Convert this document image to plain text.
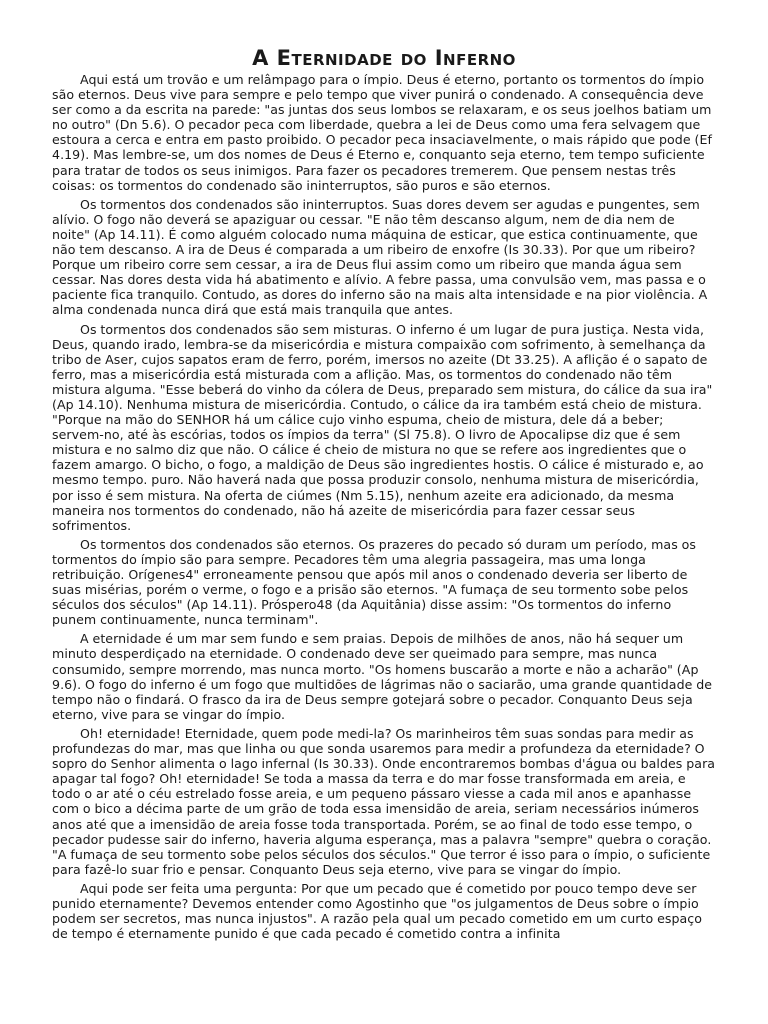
A Eternidade do Inferno

Aqui está um trovão e um relâmpago para o ímpio. Deus é eterno, portanto os tormentos do ímpio são eternos. Deus vive para sempre e pelo tempo que viver punirá o condenado. A consequência deve ser como a da escrita na parede: "as juntas dos seus lombos se relaxaram, e os seus joelhos batiam um no outro" (Dn 5.6). O pecador peca com liberdade, quebra a lei de Deus como uma fera selvagem que estoura a cerca e entra em pasto proibido. O pecador peca insaciavelmente, o mais rápido que pode (Ef 4.19). Mas lembre-se, um dos nomes de Deus é Eterno e, conquanto seja eterno, tem tempo suficiente para tratar de todos os seus inimigos. Para fazer os pecadores tremerem. Que pensem nestas três coisas: os tormentos do condenado são ininterruptos, são puros e são eternos.

Os tormentos dos condenados são ininterruptos. Suas dores devem ser agudas e pungentes, sem alívio. O fogo não deverá se apaziguar ou cessar. "E não têm descanso algum, nem de dia nem de noite" (Ap 14.11). É como alguém colocado numa máquina de esticar, que estica continuamente, que não tem descanso. A ira de Deus é comparada a um ribeiro de enxofre (Is 30.33). Por que um ribeiro? Porque um ribeiro corre sem cessar, a ira de Deus flui assim como um ribeiro que manda água sem cessar. Nas dores desta vida há abatimento e alívio. A febre passa, uma convulsão vem, mas passa e o paciente fica tranquilo. Contudo, as dores do inferno são na mais alta intensidade e na pior violência. A alma condenada nunca dirá que está mais tranquila que antes.

Os tormentos dos condenados são sem misturas. O inferno é um lugar de pura justiça. Nesta vida, Deus, quando irado, lembra-se da misericórdia e mistura compaixão com sofrimento, à semelhança da tribo de Aser, cujos sapatos eram de ferro, porém, imersos no azeite (Dt 33.25). A aflição é o sapato de ferro, mas a misericórdia está misturada com a aflição. Mas, os tormentos do condenado não têm mistura alguma. "Esse beberá do vinho da cólera de Deus, preparado sem mistura, do cálice da sua ira" (Ap 14.10). Nenhuma mistura de misericórdia. Contudo, o cálice da ira também está cheio de mistura. "Porque na mão do SENHOR há um cálice cujo vinho espuma, cheio de mistura, dele dá a beber; servem-no, até às escórias, todos os ímpios da terra" (Sl 75.8). O livro de Apocalipse diz que é sem mistura e no salmo diz que não. O cálice é cheio de mistura no que se refere aos ingredientes que o fazem amargo. O bicho, o fogo, a maldição de Deus são ingredientes hostis. O cálice é misturado e, ao mesmo tempo. puro. Não haverá nada que possa produzir consolo, nenhuma mistura de misericórdia, por isso é sem mistura. Na oferta de ciúmes (Nm 5.15), nenhum azeite era adicionado, da mesma maneira nos tormentos do condenado, não há azeite de misericórdia para fazer cessar seus sofrimentos.

Os tormentos dos condenados são eternos. Os prazeres do pecado só duram um período, mas os tormentos do ímpio são para sempre. Pecadores têm uma alegria passageira, mas uma longa retribuição. Orígenes4" erroneamente pensou que após mil anos o condenado deveria ser liberto de suas misérias, porém o verme, o fogo e a prisão são eternos. "A fumaça de seu tormento sobe pelos séculos dos séculos" (Ap 14.11). Próspero48 (da Aquitânia) disse assim: "Os tormentos do inferno punem continuamente, nunca terminam".

A eternidade é um mar sem fundo e sem praias. Depois de milhões de anos, não há sequer um minuto desperdiçado na eternidade. O condenado deve ser queimado para sempre, mas nunca consumido, sempre morrendo, mas nunca morto. "Os homens buscarão a morte e não a acharão" (Ap 9.6). O fogo do inferno é um fogo que multidões de lágrimas não o saciarão, uma grande quantidade de tempo não o findará. O frasco da ira de Deus sempre gotejará sobre o pecador. Conquanto Deus seja eterno, vive para se vingar do ímpio.

Oh! eternidade! Eternidade, quem pode medi-la? Os marinheiros têm suas sondas para medir as profundezas do mar, mas que linha ou que sonda usaremos para medir a profundeza da eternidade? O sopro do Senhor alimenta o lago infernal (Is 30.33). Onde encontraremos bombas d'água ou baldes para apagar tal fogo? Oh! eternidade! Se toda a massa da terra e do mar fosse transformada em areia, e todo o ar até o céu estrelado fosse areia, e um pequeno pássaro viesse a cada mil anos e apanhasse com o bico a décima parte de um grão de toda essa imensidão de areia, seriam necessários inúmeros anos até que a imensidão de areia fosse toda transportada. Porém, se ao final de todo esse tempo, o pecador pudesse sair do inferno, haveria alguma esperança, mas a palavra "sempre" quebra o coração. "A fumaça de seu tormento sobe pelos séculos dos séculos." Que terror é isso para o ímpio, o suficiente para fazê-lo suar frio e pensar. Conquanto Deus seja eterno, vive para se vingar do ímpio.

Aqui pode ser feita uma pergunta: Por que um pecado que é cometido por pouco tempo deve ser punido eternamente? Devemos entender como Agostinho que "os julgamentos de Deus sobre o ímpio podem ser secretos, mas nunca injustos". A razão pela qual um pecado cometido em um curto espaço de tempo é eternamente punido é que cada pecado é cometido contra a infinita
